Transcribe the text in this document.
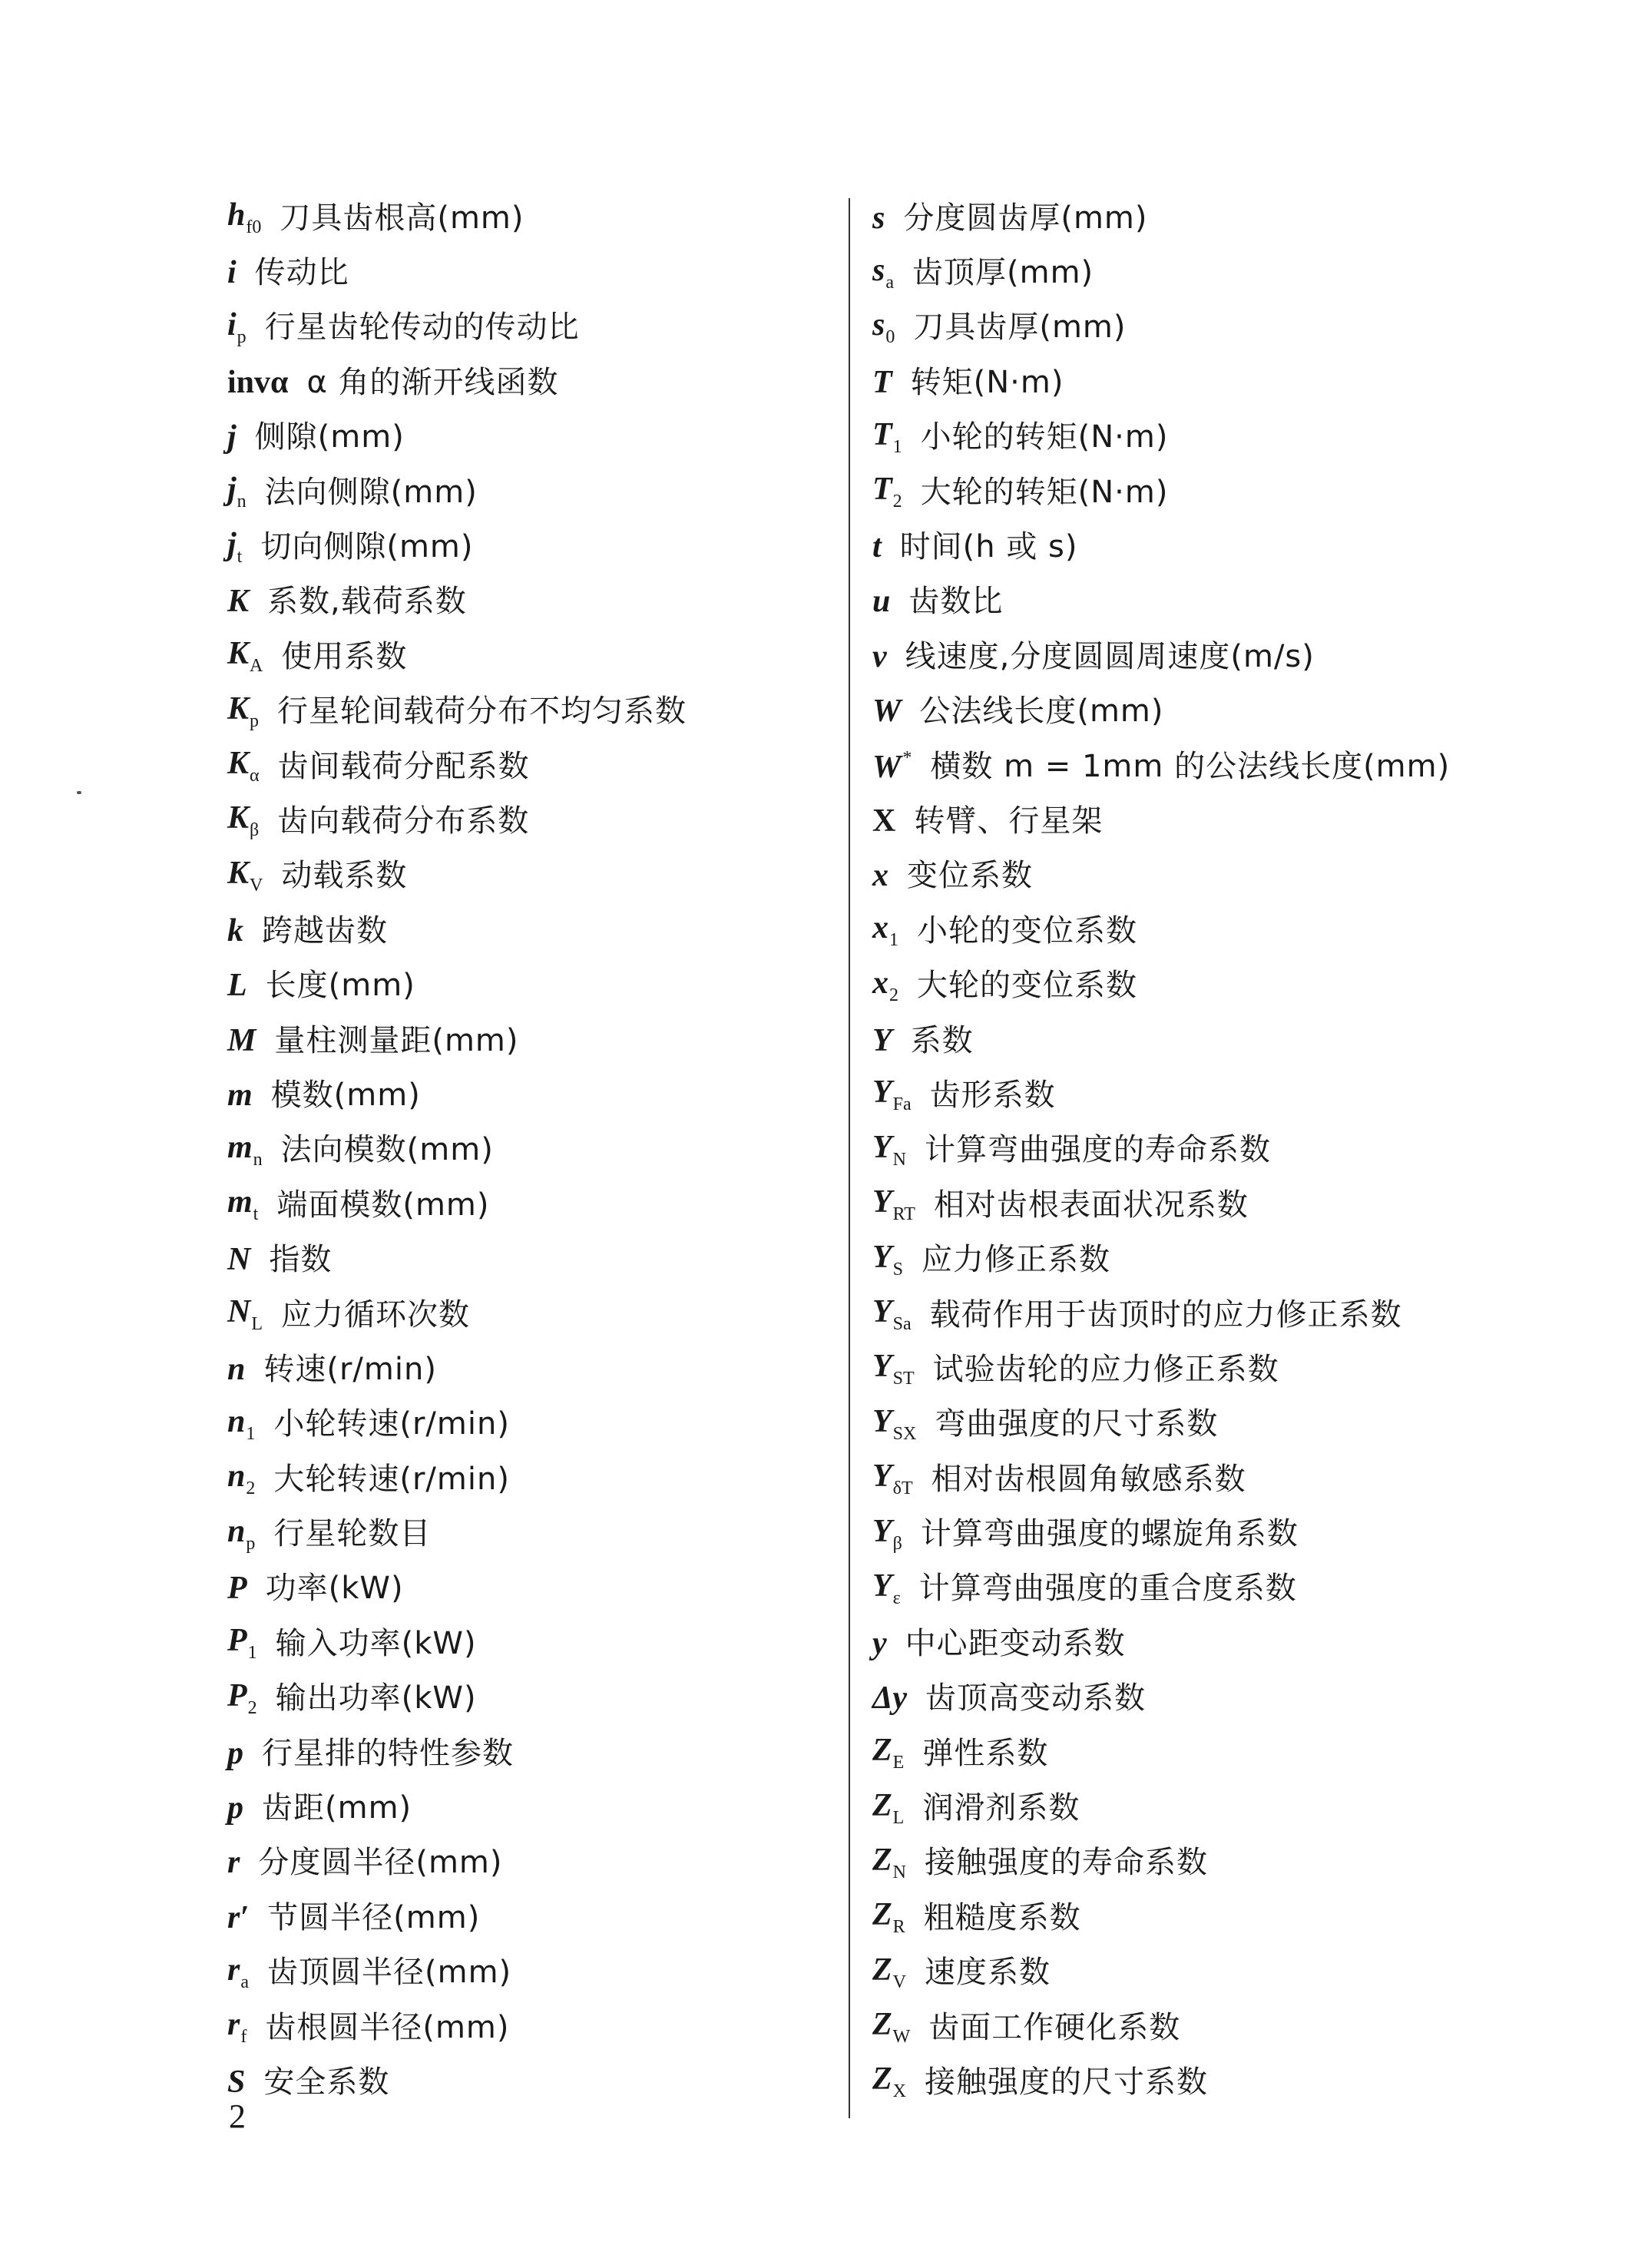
$h_{f0}$ 刀具齿根高(mm)
i 传动比
$i_p$ 行星齿轮传动的传动比
invα α 角的渐开线函数
j 侧隙(mm)
$j_n$ 法向侧隙(mm)
$j_t$ 切向侧隙(mm)
K 系数,载荷系数
$K_A$ 使用系数
$K_p$ 行星轮间载荷分布不均匀系数
$K_\alpha$ 齿间载荷分配系数
$K_\beta$ 齿向载荷分布系数
$K_V$ 动载系数
k 跨越齿数
L 长度(mm)
M 量柱测量距(mm)
m 模数(mm)
$m_n$ 法向模数(mm)
$m_t$ 端面模数(mm)
N 指数
$N_L$ 应力循环次数
n 转速(r/min)
$n_1$ 小轮转速(r/min)
$n_2$ 大轮转速(r/min)
$n_p$ 行星轮数目
P 功率(kW)
$P_1$ 输入功率(kW)
$P_2$ 输出功率(kW)
p 行星排的特性参数
p 齿距(mm)
r 分度圆半径(mm)
r′ 节圆半径(mm)
$r_a$ 齿顶圆半径(mm)
$r_f$ 齿根圆半径(mm)
S 安全系数
s 分度圆齿厚(mm)
$s_a$ 齿顶厚(mm)
$s_0$ 刀具齿厚(mm)
T 转矩(N·m)
$T_1$ 小轮的转矩(N·m)
$T_2$ 大轮的转矩(N·m)
t 时间(h 或 s)
u 齿数比
v 线速度,分度圆圆周速度(m/s)
W 公法线长度(mm)
W* 横数 m = 1mm 的公法线长度(mm)
X 转臂、行星架
x 变位系数
$x_1$ 小轮的变位系数
$x_2$ 大轮的变位系数
Y 系数
$Y_{Fa}$ 齿形系数
$Y_N$ 计算弯曲强度的寿命系数
$Y_{RT}$ 相对齿根表面状况系数
$Y_S$ 应力修正系数
$Y_{Sa}$ 载荷作用于齿顶时的应力修正系数
$Y_{ST}$ 试验齿轮的应力修正系数
$Y_{SX}$ 弯曲强度的尺寸系数
$Y_{\delta T}$ 相对齿根圆角敏感系数
$Y_\beta$ 计算弯曲强度的螺旋角系数
$Y_\varepsilon$ 计算弯曲强度的重合度系数
y 中心距变动系数
Δy 齿顶高变动系数
$Z_E$ 弹性系数
$Z_L$ 润滑剂系数
$Z_N$ 接触强度的寿命系数
$Z_R$ 粗糙度系数
$Z_V$ 速度系数
$Z_W$ 齿面工作硬化系数
$Z_X$ 接触强度的尺寸系数
2
